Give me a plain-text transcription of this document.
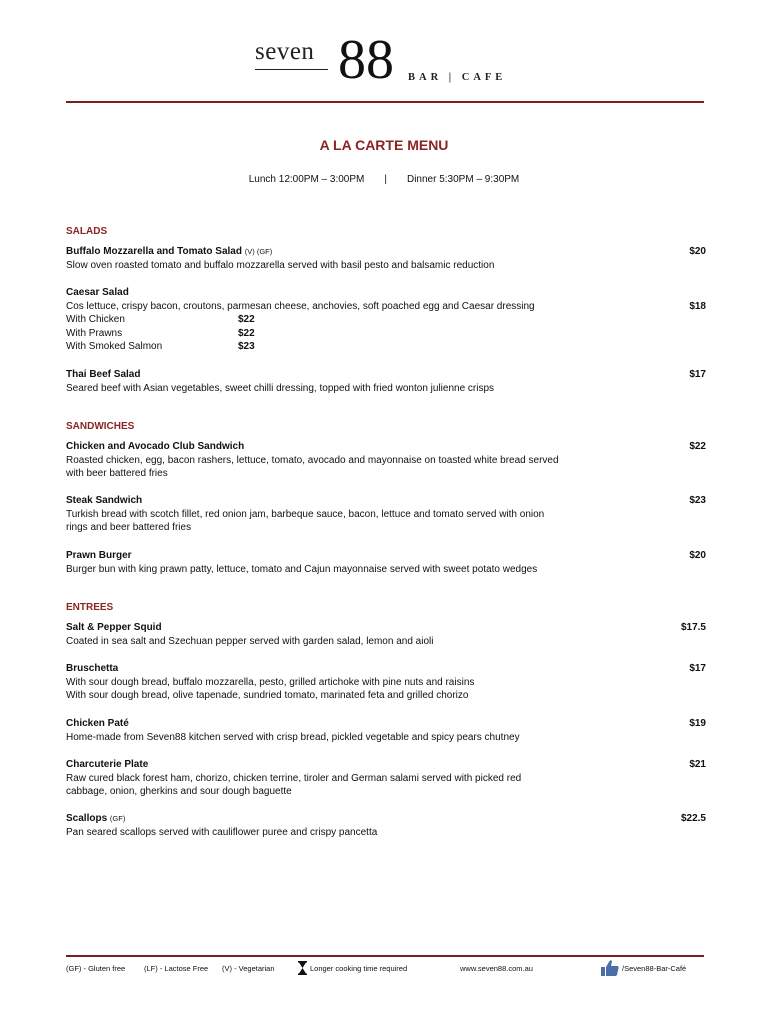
seven 88 BAR | CAFE
A LA CARTE MENU
Lunch 12:00PM – 3:00PM | Dinner 5:30PM – 9:30PM
SALADS
Buffalo Mozzarella and Tomato Salad (V) (GF)
Slow oven roasted tomato and buffalo mozzarella served with basil pesto and balsamic reduction
$20
Caesar Salad
Cos lettuce, crispy bacon, croutons, parmesan cheese, anchovies, soft poached egg and Caesar dressing
With Chicken	$22
With Prawns	$22
With Smoked Salmon	$23
$18
Thai Beef Salad
Seared beef with Asian vegetables, sweet chilli dressing, topped with fried wonton julienne crisps
$17
SANDWICHES
Chicken and Avocado Club Sandwich
Roasted chicken, egg, bacon rashers, lettuce, tomato, avocado and mayonnaise on toasted white bread served
with beer battered fries
$22
Steak Sandwich
Turkish bread with scotch fillet, red onion jam, barbeque sauce, bacon, lettuce and tomato served with onion
rings and beer battered fries
$23
Prawn Burger
Burger bun with king prawn patty, lettuce, tomato and Cajun mayonnaise served with sweet potato wedges
$20
ENTREES
Salt & Pepper Squid
Coated in sea salt and Szechuan pepper served with garden salad, lemon and aioli
$17.5
Bruschetta
With sour dough bread, buffalo mozzarella, pesto, grilled artichoke with pine nuts and raisins
With sour dough bread, olive tapenade, sundried tomato, marinated feta and grilled chorizo
$17
Chicken Paté
Home-made from Seven88 kitchen served with crisp bread, pickled vegetable and spicy pears chutney
$19
Charcuterie Plate
Raw cured black forest ham, chorizo, chicken terrine, tiroler and German salami served with picked red
cabbage, onion, gherkins and sour dough baguette
$21
Scallops (GF)
Pan seared scallops served with cauliflower puree and crispy pancetta
$22.5
(GF) - Gluten free	(LF) - Lactose Free (V) - Vegetarian	Longer cooking time required	www.seven88.com.au	/Seven88-Bar-Café
